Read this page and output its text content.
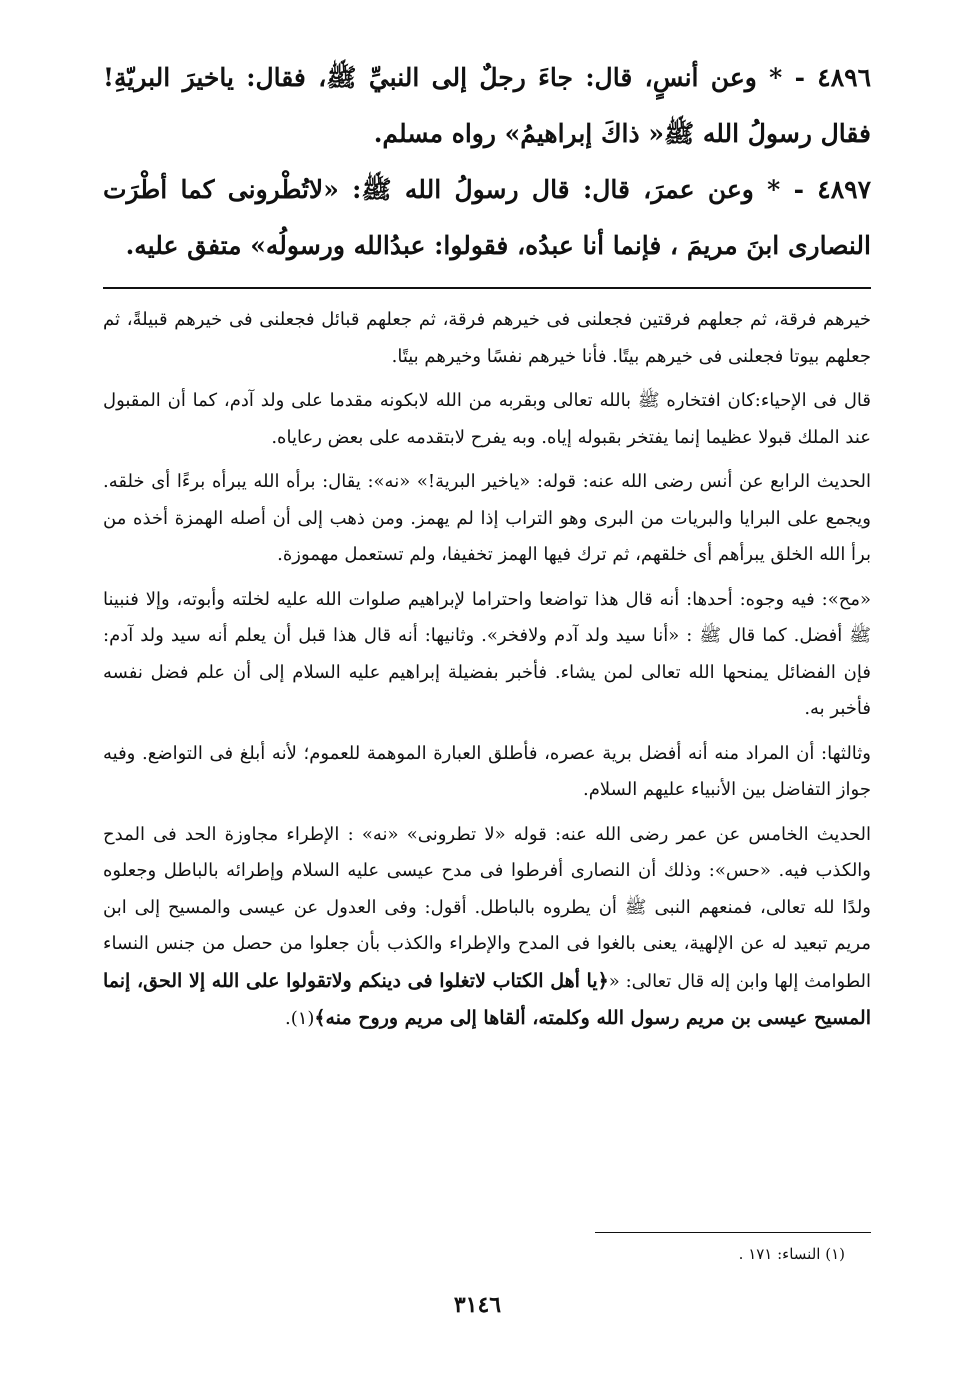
٤٨٩٦ - * وعن أنسٍ، قال: جاءَ رجلٌ إلى النبيِّ ﷺ، فقال: ياخيرَ البريّةِ! فقال رسولُ الله ﷺ« ذاكَ إبراهيمُ» رواه مسلم.
٤٨٩٧ - * وعن عمرَ، قال: قال رسولُ الله ﷺ: «لاتُطْرونى كما أطْرَت النصارى ابنَ مريمَ ، فإنما أنا عبدُه، فقولوا: عبدُالله ورسولُه» متفق عليه.

خيرهم فرقة، ثم جعلهم فرقتين فجعلنى فى خيرهم فرقة، ثم جعلهم قبائل فجعلنى فى خيرهم قبيلةً، ثم جعلهم بيوتا فجعلنى فى خيرهم بيتًا. فأنا خيرهم نفسًا وخيرهم بيتًا.

قال فى الإحياء:كان افتخاره ﷺ بالله تعالى وبقربه من الله لابكونه مقدما على ولد آدم، كما أن المقبول عند الملك قبولا عظيما إنما يفتخر بقبوله إياه. وبه يفرح لابتقدمه على بعض رعاياه.

الحديث الرابع عن أنس رضى الله عنه: قوله: «ياخير البرية!» «نه»: يقال: برأه الله يبرأه برءًا أى خلقه. ويجمع على البرايا والبريات من البرى وهو التراب إذا لم يهمز. ومن ذهب إلى أن أصله الهمزة أخذه من برأ الله الخلق يبرأهم أى خلقهم، ثم ترك فيها الهمز تخفيفا، ولم تستعمل مهموزة.

«مح»: فيه وجوه: أحدها: أنه قال هذا تواضعا واحتراما لإبراهيم صلوات الله عليه لخلته وأبوته، وإلا فنبينا ﷺ أفضل. كما قال ﷺ : «أنا سيد ولد آدم ولافخر». وثانيها: أنه قال هذا قبل أن يعلم أنه سيد ولد آدم: فإن الفضائل يمنحها الله تعالى لمن يشاء. فأخبر بفضيلة إبراهيم عليه السلام إلى أن علم فضل نفسه فأخبر به.

وثالثها: أن المراد منه أنه أفضل برية عصره، فأطلق العبارة الموهمة للعموم؛ لأنه أبلغ فى التواضع. وفيه جواز التفاضل بين الأنبياء عليهم السلام.

الحديث الخامس عن عمر رضى الله عنه: قوله «لا تطرونى» «نه» : الإطراء مجاوزة الحد فى المدح والكذب فيه. «حس»: وذلك أن النصارى أفرطوا فى مدح عيسى عليه السلام وإطرائه بالباطل وجعلوه ولدًا لله تعالى، فمنعهم النبى ﷺ أن يطروه بالباطل. أقول: وفى العدول عن عيسى والمسيح إلى ابن مريم تبعيد له عن الإلهية، يعنى بالغوا فى المدح والإطراء والكذب بأن جعلوا من حصل من جنس النساء الطوامث إلها وابن إله قال تعالى: «﴿يا أهل الكتاب لاتغلوا فى دينكم ولاتقولوا على الله إلا الحق، إنما المسيح عيسى بن مريم رسول الله وكلمته، ألقاها إلى مريم وروح منه﴾(١).

(١) النساء: ١٧١ .
٣١٤٦
